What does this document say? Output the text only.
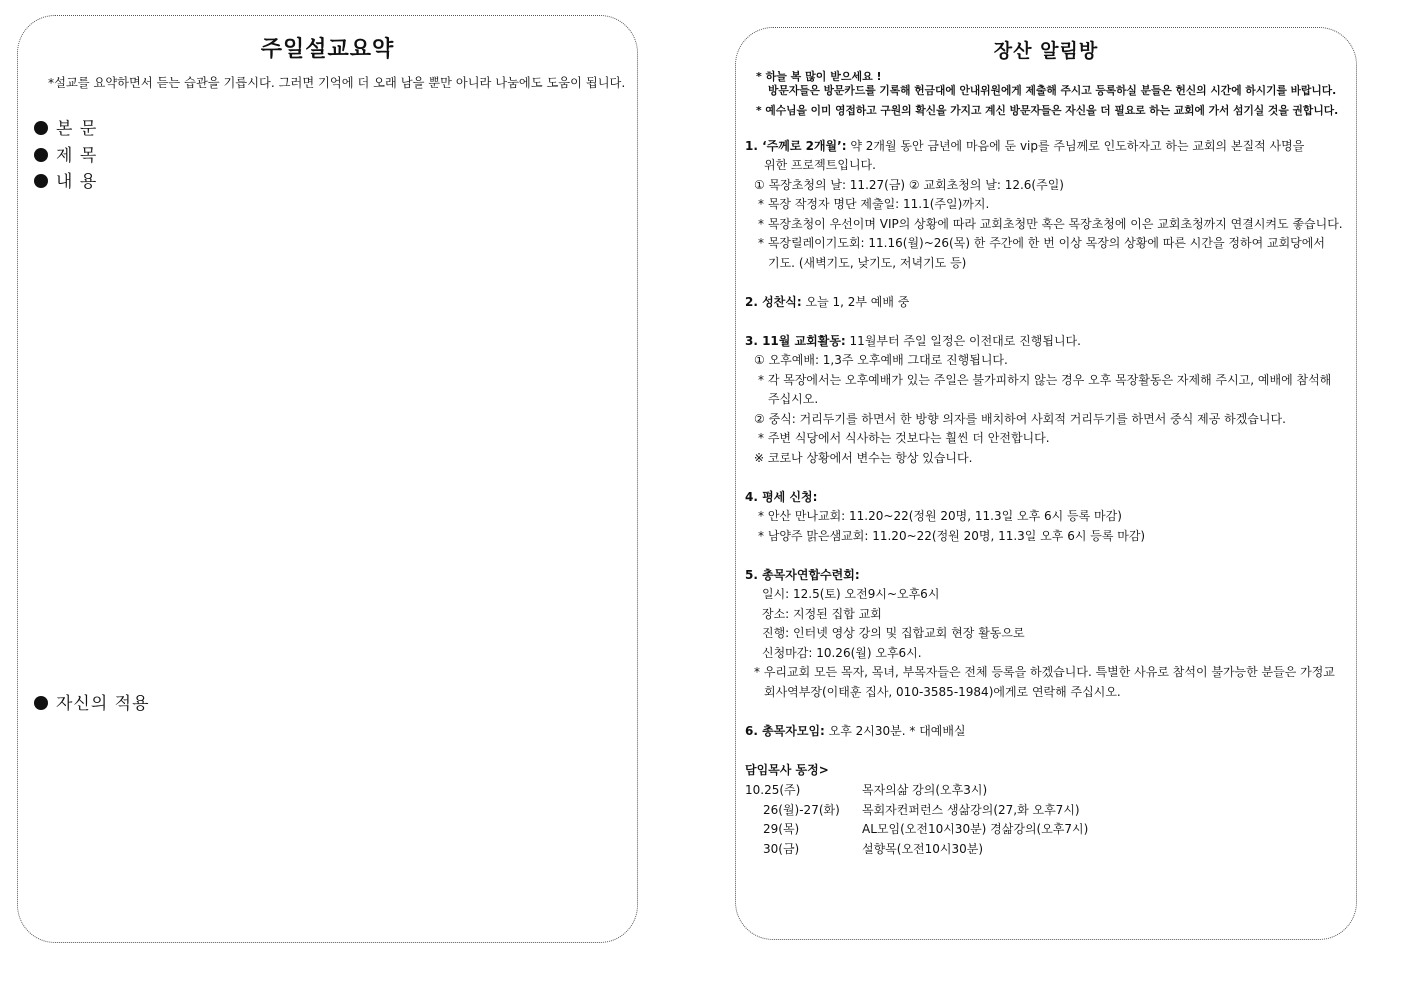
주일설교요약
*설교를 요약하면서 듣는 습관을 기릅시다. 그러면 기억에 더 오래 남을 뿐만 아니라 나눔에도 도움이 됩니다.
본 문
제 목
내 용
자신의 적용
장산 알림방
* 하늘 복 많이 받으세요 !
방문자들은 방문카드를 기록해 헌금대에 안내위원에게 제출해 주시고 등록하실 분들은 헌신의 시간에 하시기를 바랍니다.
* 예수님을 이미 영접하고 구원의 확신을 가지고 계신 방문자들은 자신을 더 필요로 하는 교회에 가서 섬기실 것을 권합니다.
1. ‘주께로 2개월’: 약 2개월 동안 금년에 마음에 둔 vip를 주님께로 인도하자고 하는 교회의 본질적 사명을
위한 프로젝트입니다.
① 목장초청의 날: 11.27(금) ② 교회초청의 날: 12.6(주일)
* 목장 작정자 명단 제출일: 11.1(주일)까지.
* 목장초청이 우선이며 VIP의 상황에 따라 교회초청만 혹은 목장초청에 이은 교회초청까지 연결시켜도 좋습니다.
* 목장릴레이기도회: 11.16(월)~26(목) 한 주간에 한 번 이상 목장의 상황에 따른 시간을 정하여 교회당에서
기도. (새벽기도, 낮기도, 저녁기도 등)
2. 성찬식: 오늘 1, 2부 예배 중
3. 11월 교회활동: 11월부터 주일 일정은 이전대로 진행됩니다.
① 오후예배: 1,3주 오후예배 그대로 진행됩니다.
* 각 목장에서는 오후예배가 있는 주일은 불가피하지 않는 경우 오후 목장활동은 자제해 주시고, 예배에 참석해
주십시오.
② 중식: 거리두기를 하면서 한 방향 의자를 배치하여 사회적 거리두기를 하면서 중식 제공 하겠습니다.
* 주변 식당에서 식사하는 것보다는 훨씬 더 안전합니다.
※ 코로나 상황에서 변수는 항상 있습니다.
4. 평세 신청:
* 안산 만나교회: 11.20~22(정원 20명, 11.3일 오후 6시 등록 마감)
* 남양주 맑은샘교회: 11.20~22(정원 20명, 11.3일 오후 6시 등록 마감)
5. 총목자연합수련회:
일시: 12.5(토) 오전9시~오후6시
장소: 지정된 집합 교회
진행: 인터넷 영상 강의 및 집합교회 현장 활동으로
신청마감: 10.26(월) 오후6시.
* 우리교회 모든 목자, 목녀, 부목자들은 전체 등록을 하겠습니다. 특별한 사유로 참석이 불가능한 분들은 가정교
회사역부장(이태훈 집사, 010-3585-1984)에게로 연락해 주십시오.
6. 총목자모임: 오후 2시30분. * 대예배실
담임목사 동정>
10.25(주)	목자의삶 강의(오후3시)
26(월)-27(화) 목회자컨퍼런스 생삶강의(27,화 오후7시)
29(목)	AL모임(오전10시30분) 경삶강의(오후7시)
30(금)	설향목(오전10시30분)
